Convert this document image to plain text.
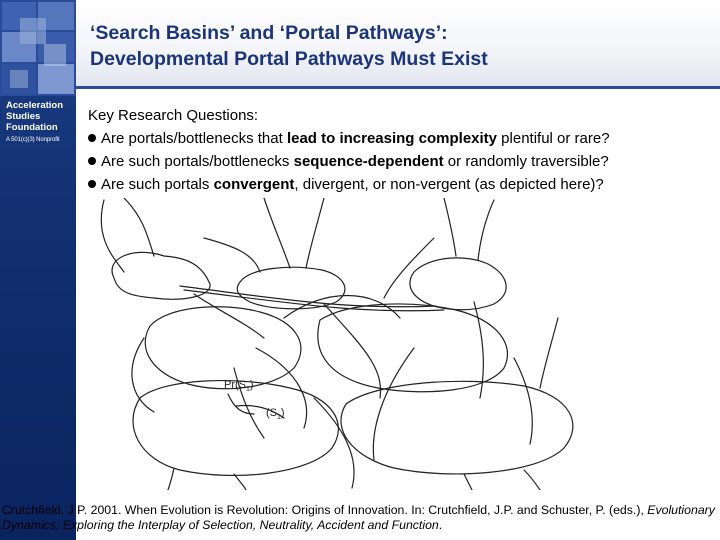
Acceleration
Studies
Foundation
A 501(c)(3) Nonprofit
‘Search Basins’ and ‘Portal Pathways’:
Developmental Portal Pathways Must Exist
Key Research Questions:
Are portals/bottlenecks that lead to increasing complexity plentiful or rare?
Are such portals/bottlenecks sequence-dependent or randomly traversible?
Are such portals convergent, divergent, or non-vergent (as depicted here)?
$Pr(S_1)$
$(S_1)$
Crutchfield, J.P. 2001. When Evolution is Revolution: Origins of Innovation. In: Crutchfield, J.P. and Schuster, P. (eds.), Evolutionary Dynamics: Exploring the Interplay of Selection, Neutrality, Accident and Function.
